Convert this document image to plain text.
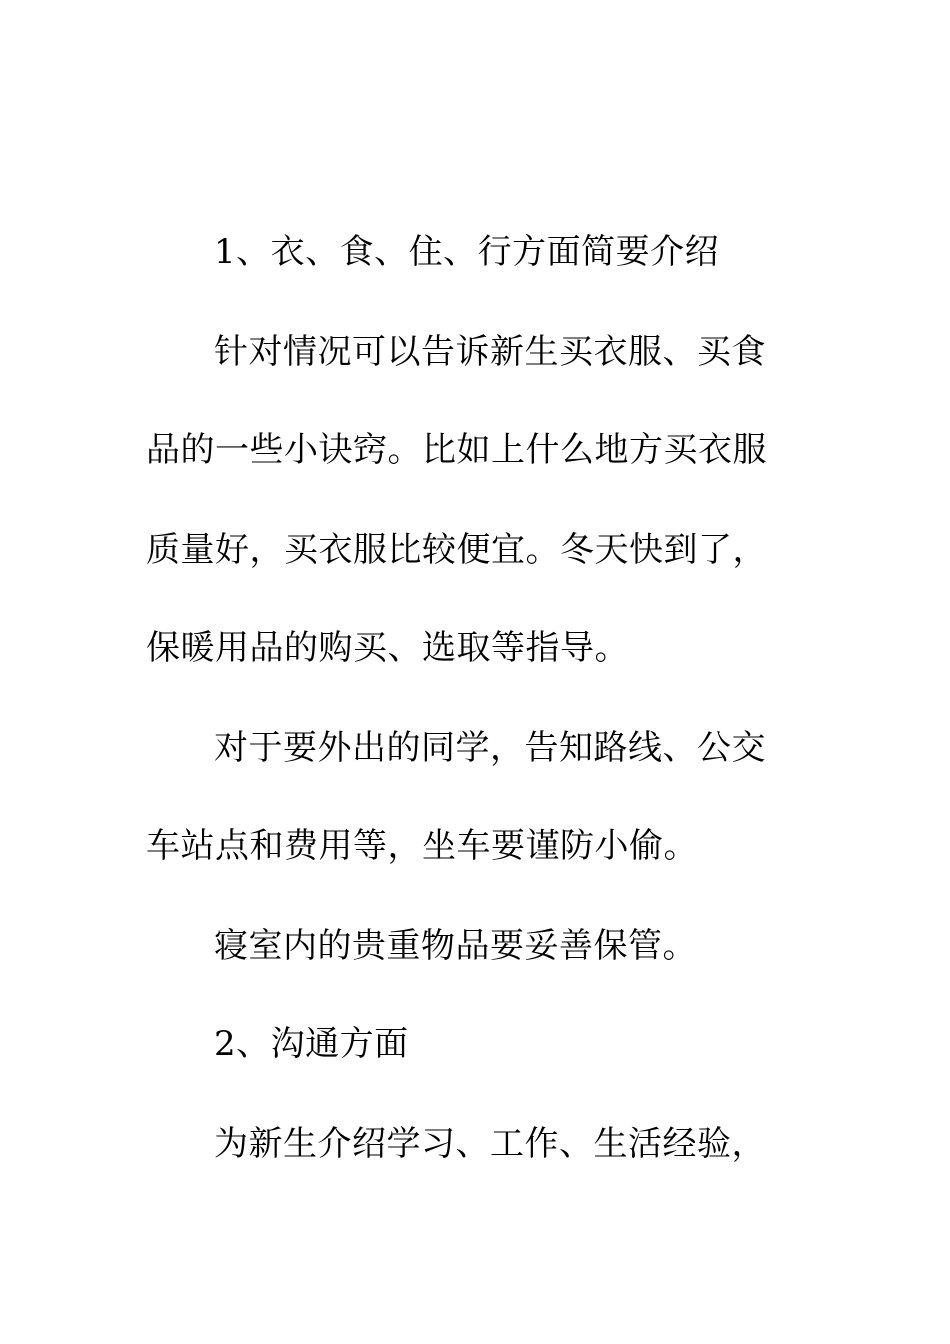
1、衣、食、住、行方面简要介绍
针对情况可以告诉新生买衣服、买食
品的一些小诀窍。比如上什么地方买衣服
质量好，买衣服比较便宜。冬天快到了，
保暖用品的购买、选取等指导。
对于要外出的同学，告知路线、公交
车站点和费用等，坐车要谨防小偷。
寝室内的贵重物品要妥善保管。
2、沟通方面
为新生介绍学习、工作、生活经验，
